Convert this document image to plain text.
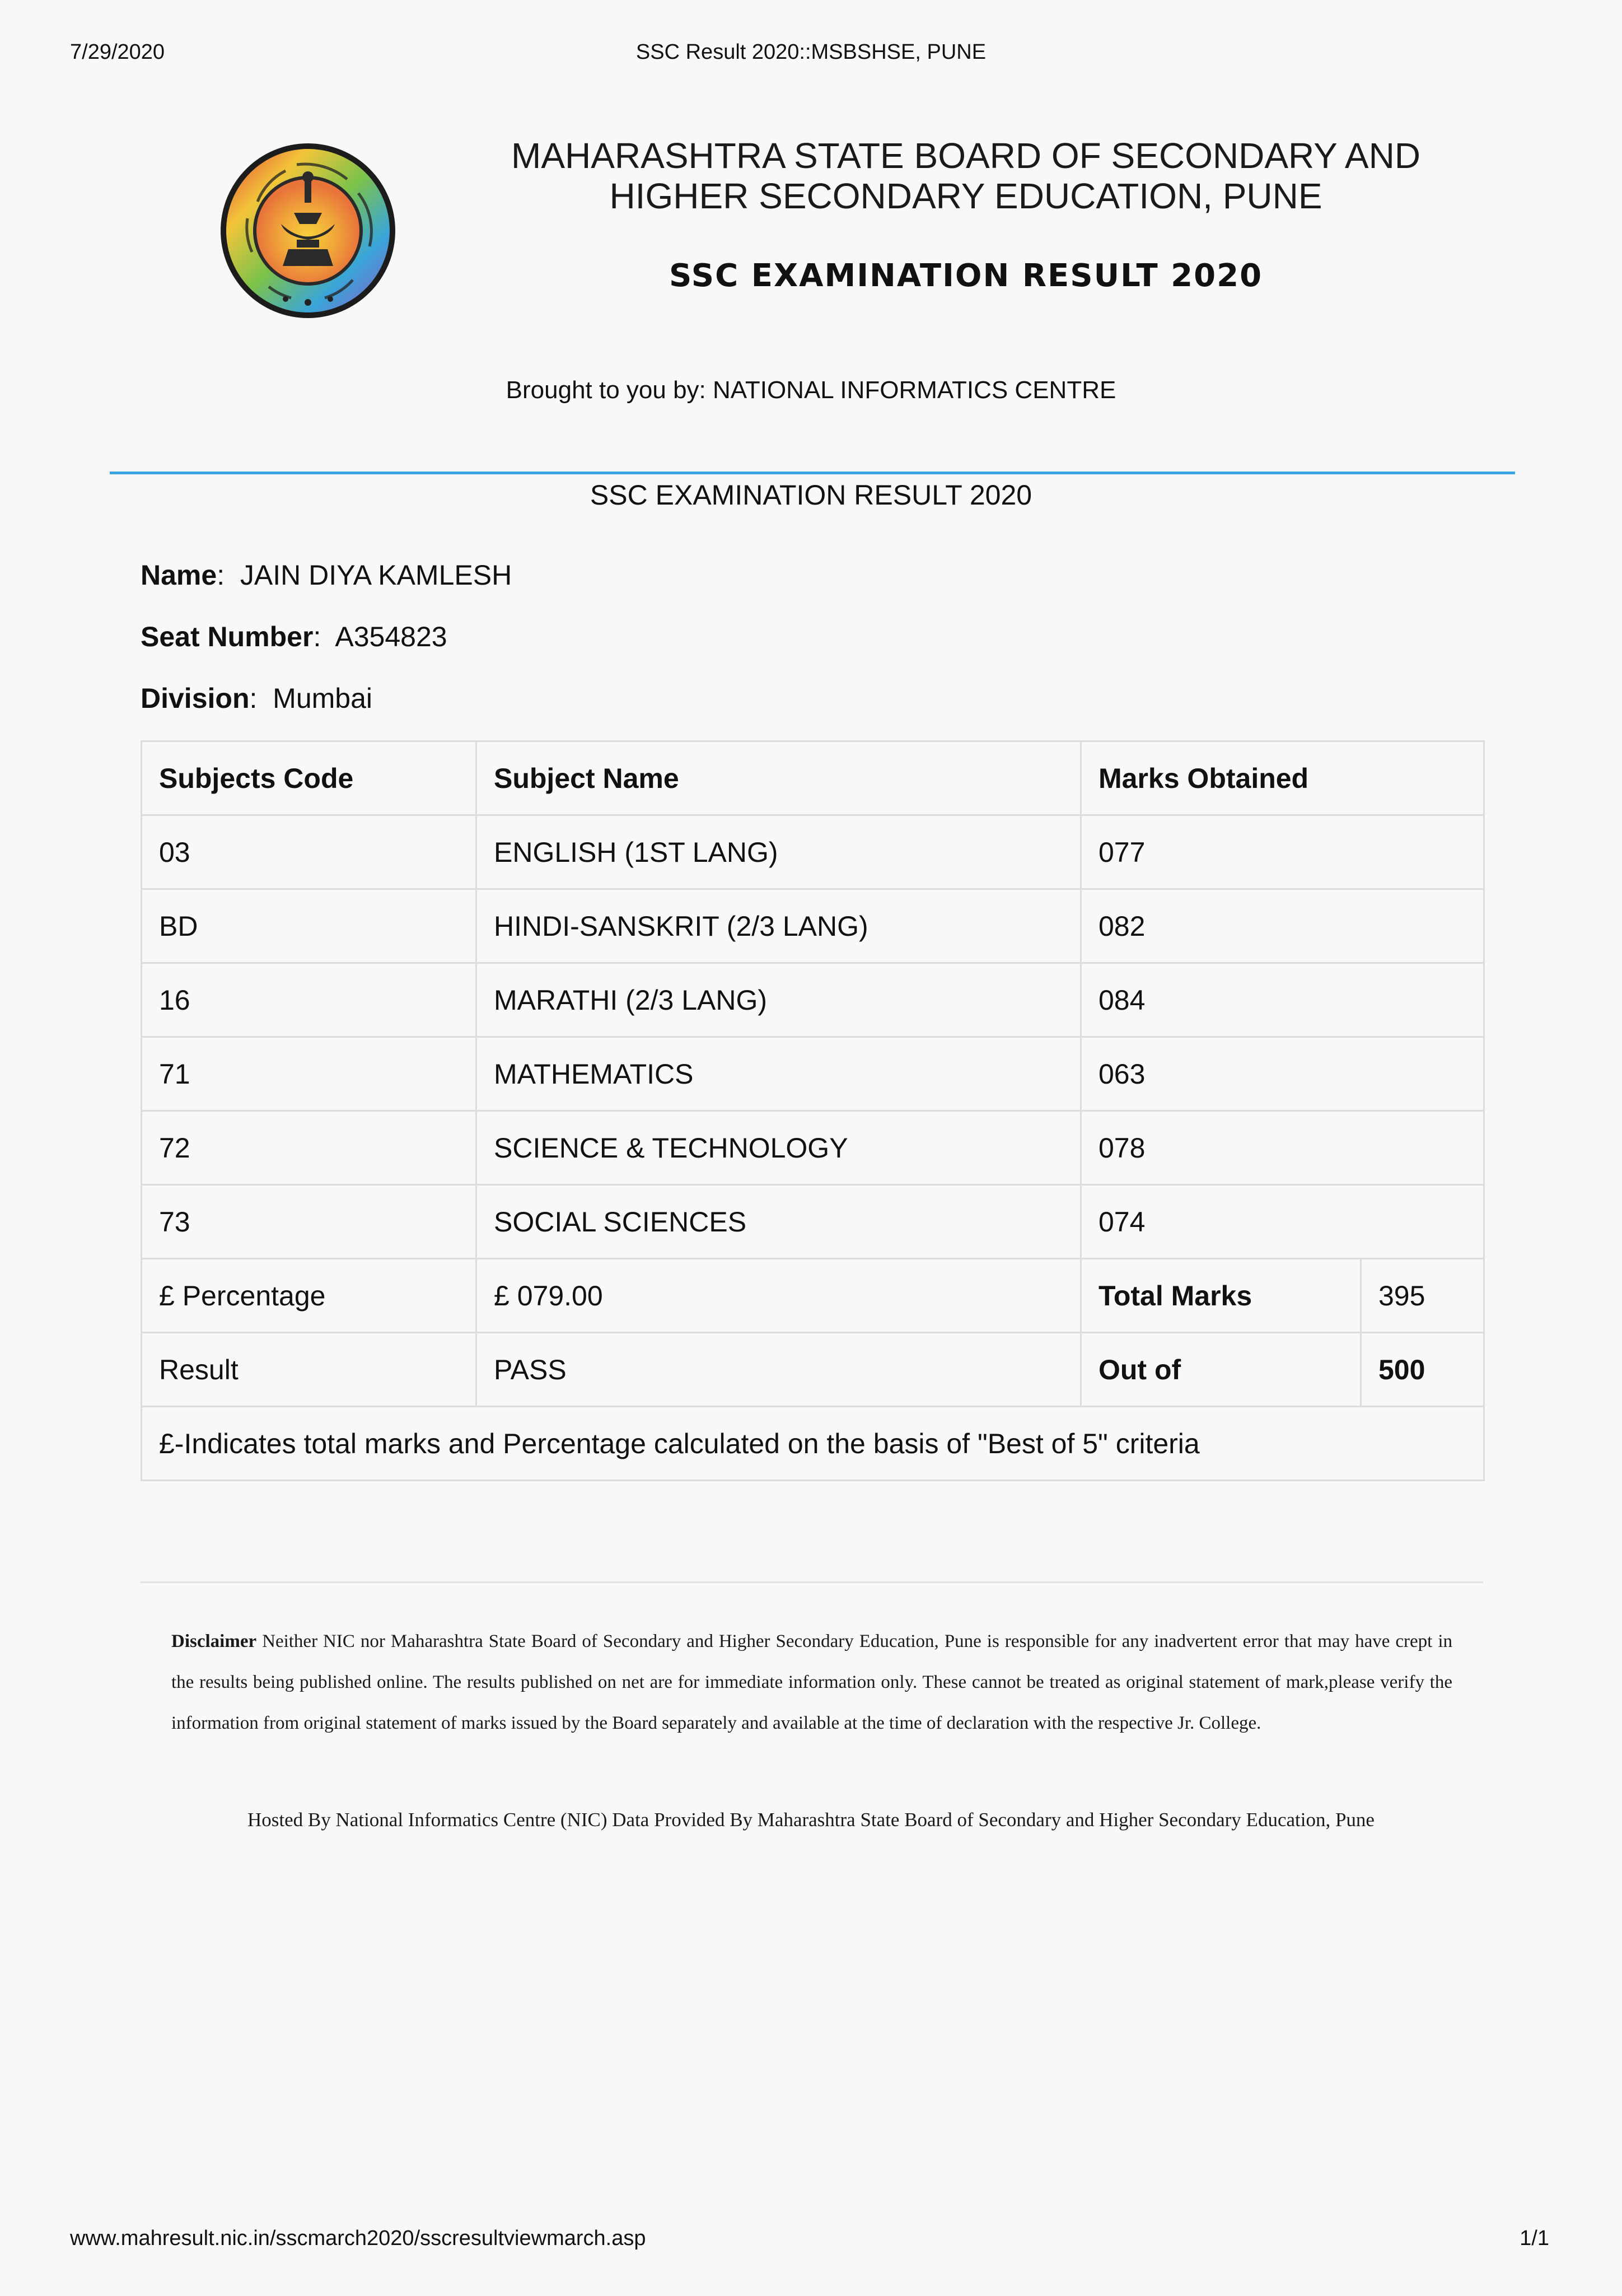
7/29/2020	SSC Result 2020::MSBSHSE, PUNE
MAHARASHTRA STATE BOARD OF SECONDARY AND
HIGHER SECONDARY EDUCATION, PUNE
SSC EXAMINATION RESULT 2020
Brought to you by: NATIONAL INFORMATICS CENTRE
SSC EXAMINATION RESULT 2020
Name:  JAIN DIYA KAMLESH
Seat Number:  A354823
Division:  Mumbai
Subjects Code	Subject Name	Marks Obtained	
03	ENGLISH (1ST LANG)	077	
BD	HINDI-SANSKRIT (2/3 LANG)	082	
16	MARATHI (2/3 LANG)	084	
71	MATHEMATICS	063	
72	SCIENCE & TECHNOLOGY	078	
73	SOCIAL SCIENCES	074	
£ Percentage	£ 079.00	Total Marks	395
Result	PASS	Out of	500
£-Indicates total marks and Percentage calculated on the basis of "Best of 5" criteria			
Disclaimer Neither NIC nor Maharashtra State Board of Secondary and Higher Secondary Education, Pune is responsible for any inadvertent error that may have crept in the results being published online. The results published on net are for immediate information only. These cannot be treated as original statement of mark,please verify the information from original statement of marks issued by the Board separately and available at the time of declaration with the respective Jr. College.
Hosted By National Informatics Centre (NIC) Data Provided By Maharashtra State Board of Secondary and Higher Secondary Education, Pune
www.mahresult.nic.in/sscmarch2020/sscresultviewmarch.asp	1/1
